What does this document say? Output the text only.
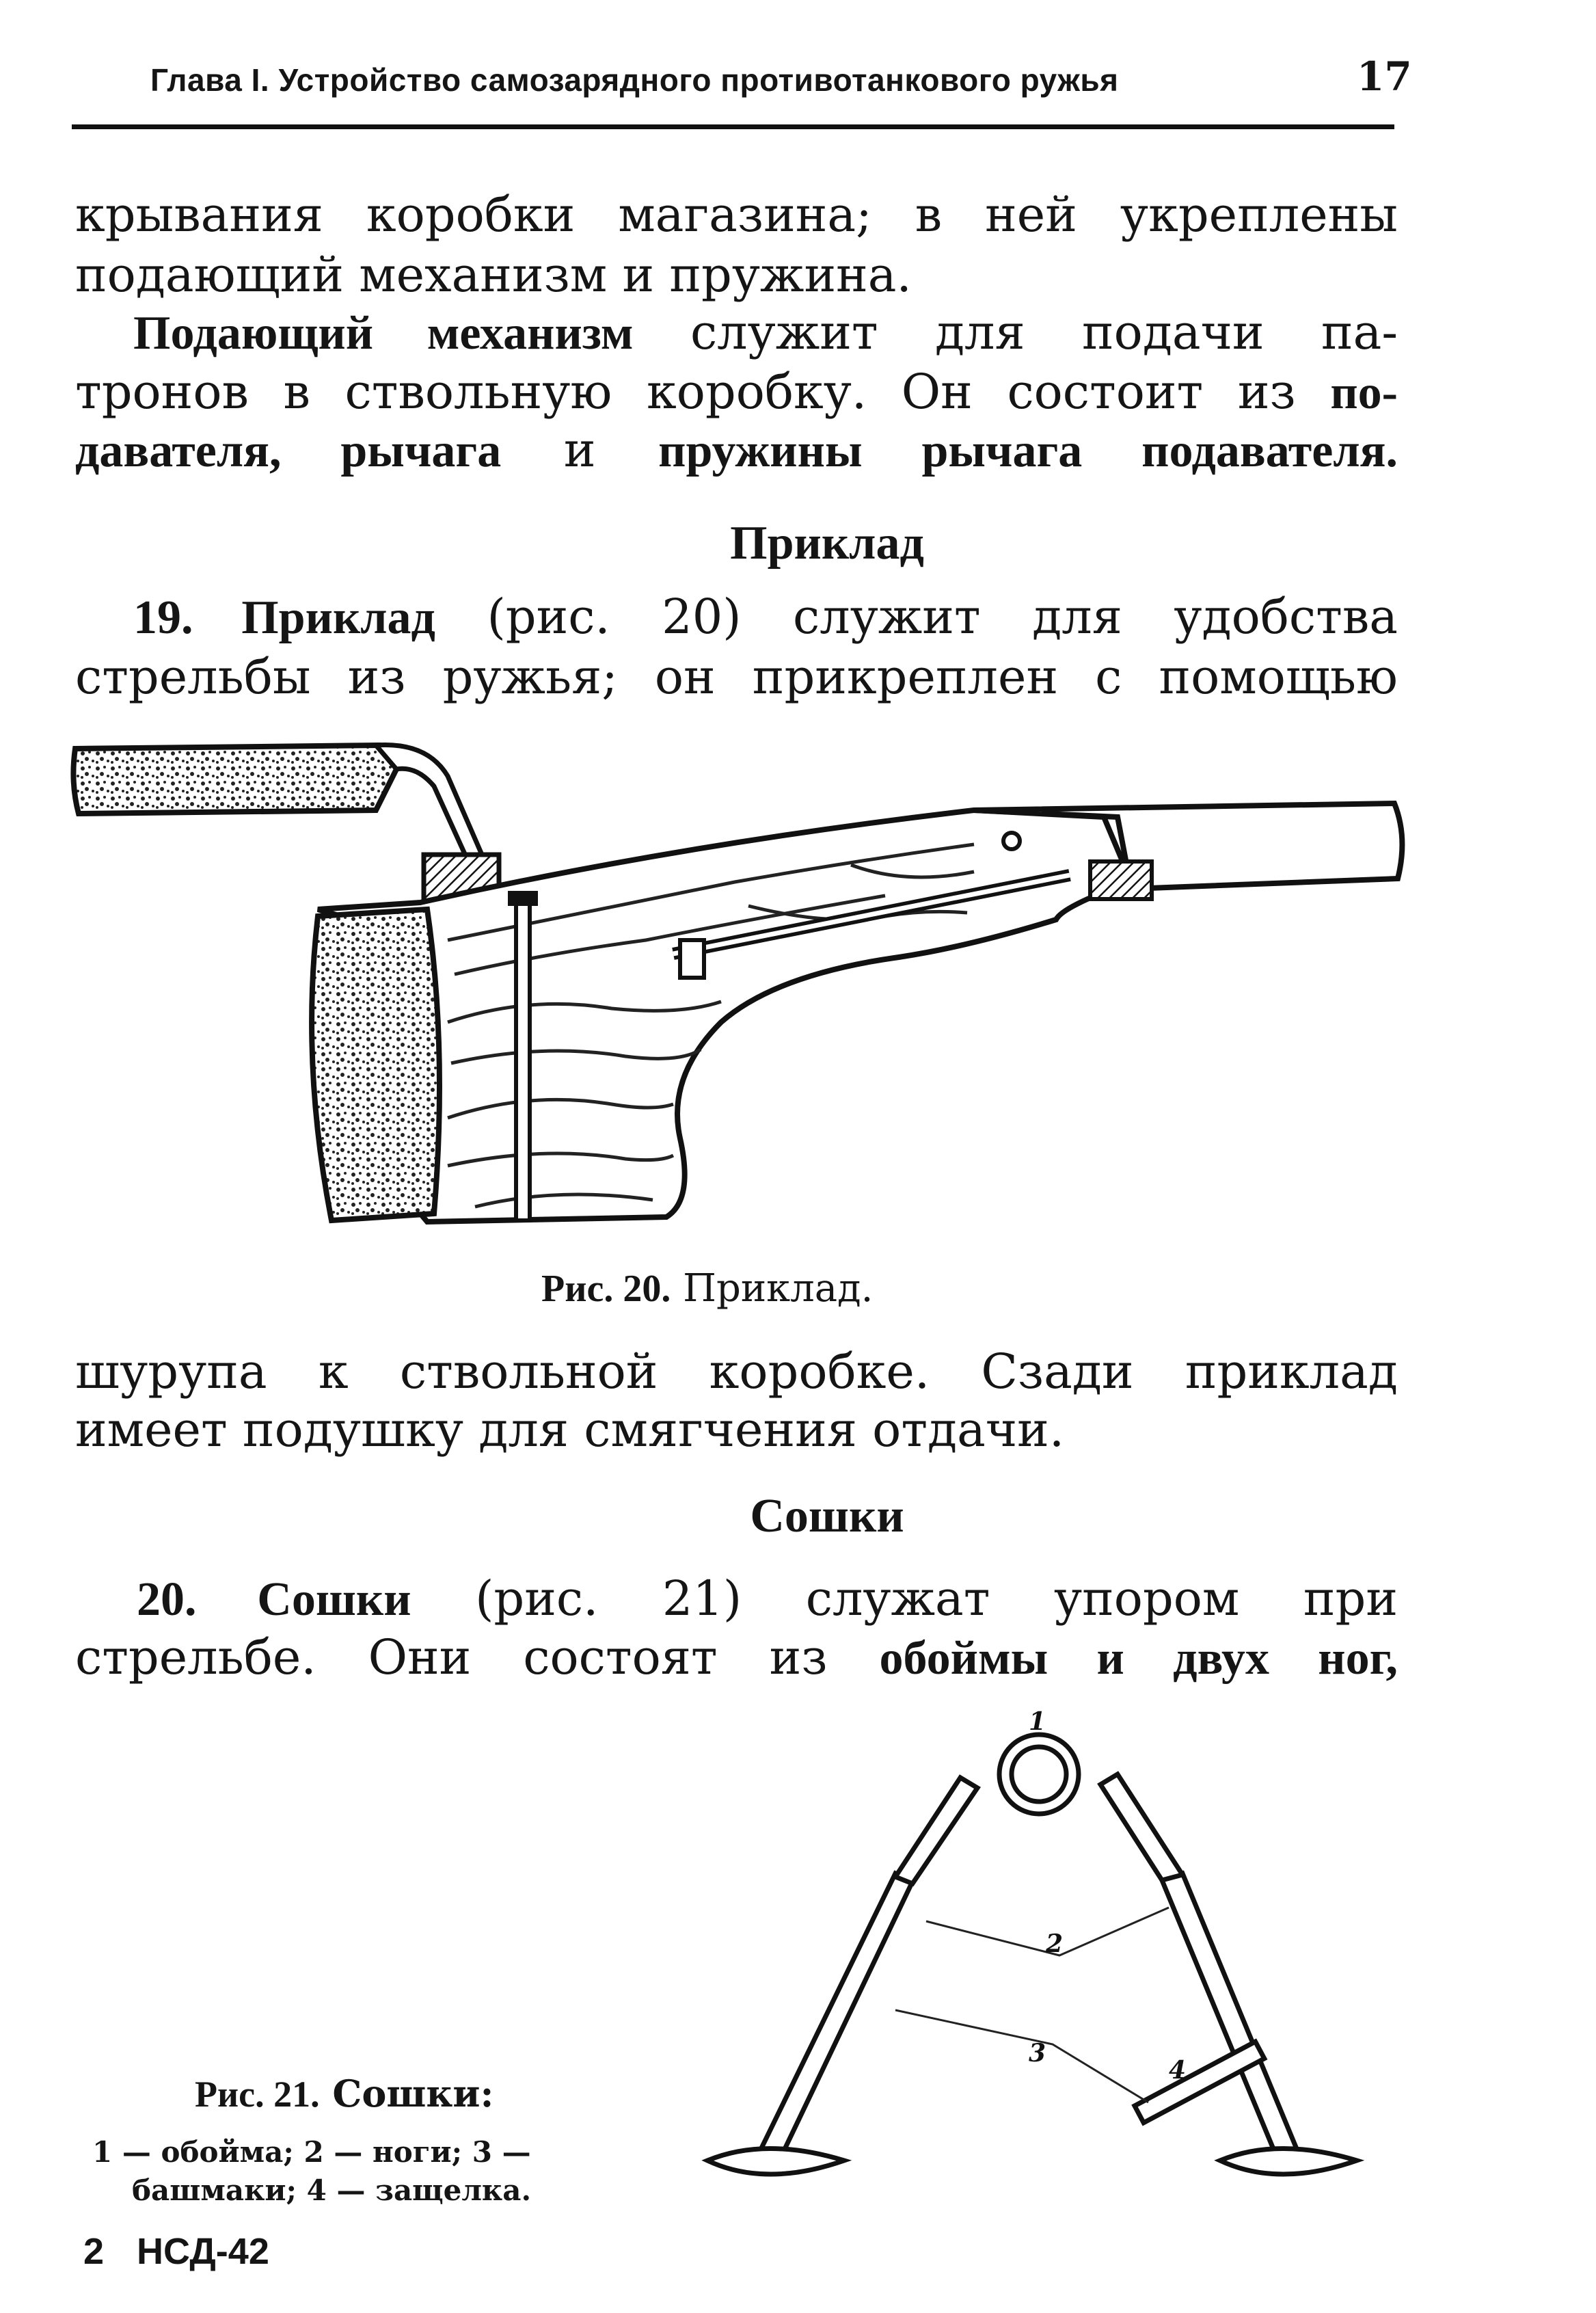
Глава I. Устройство самозарядного противотанкового ружья	17
крывания коробки магазина; в ней укреплены
подающий механизм и пружина.
Подающий механизм служит для подачи па-
тронов в ствольную коробку. Он состоит из по-
давателя, рычага и пружины рычага подавателя.
Приклад
19. Приклад (рис. 20) служит для удобства
стрельбы из ружья; он прикреплен с помощью
Рис. 20. Приклад.
шурупа к ствольной коробке. Сзади приклад
имеет подушку для смягчения отдачи.
Сошки
20. Сошки (рис. 21) служат упором при
стрельбе. Они состоят из обоймы и двух ног,
1
2
3
4
Рис. 21. Сошки:
1 — обойма; 2 — ноги; 3 —
башмаки; 4 — защелка.
2 НСД-42
